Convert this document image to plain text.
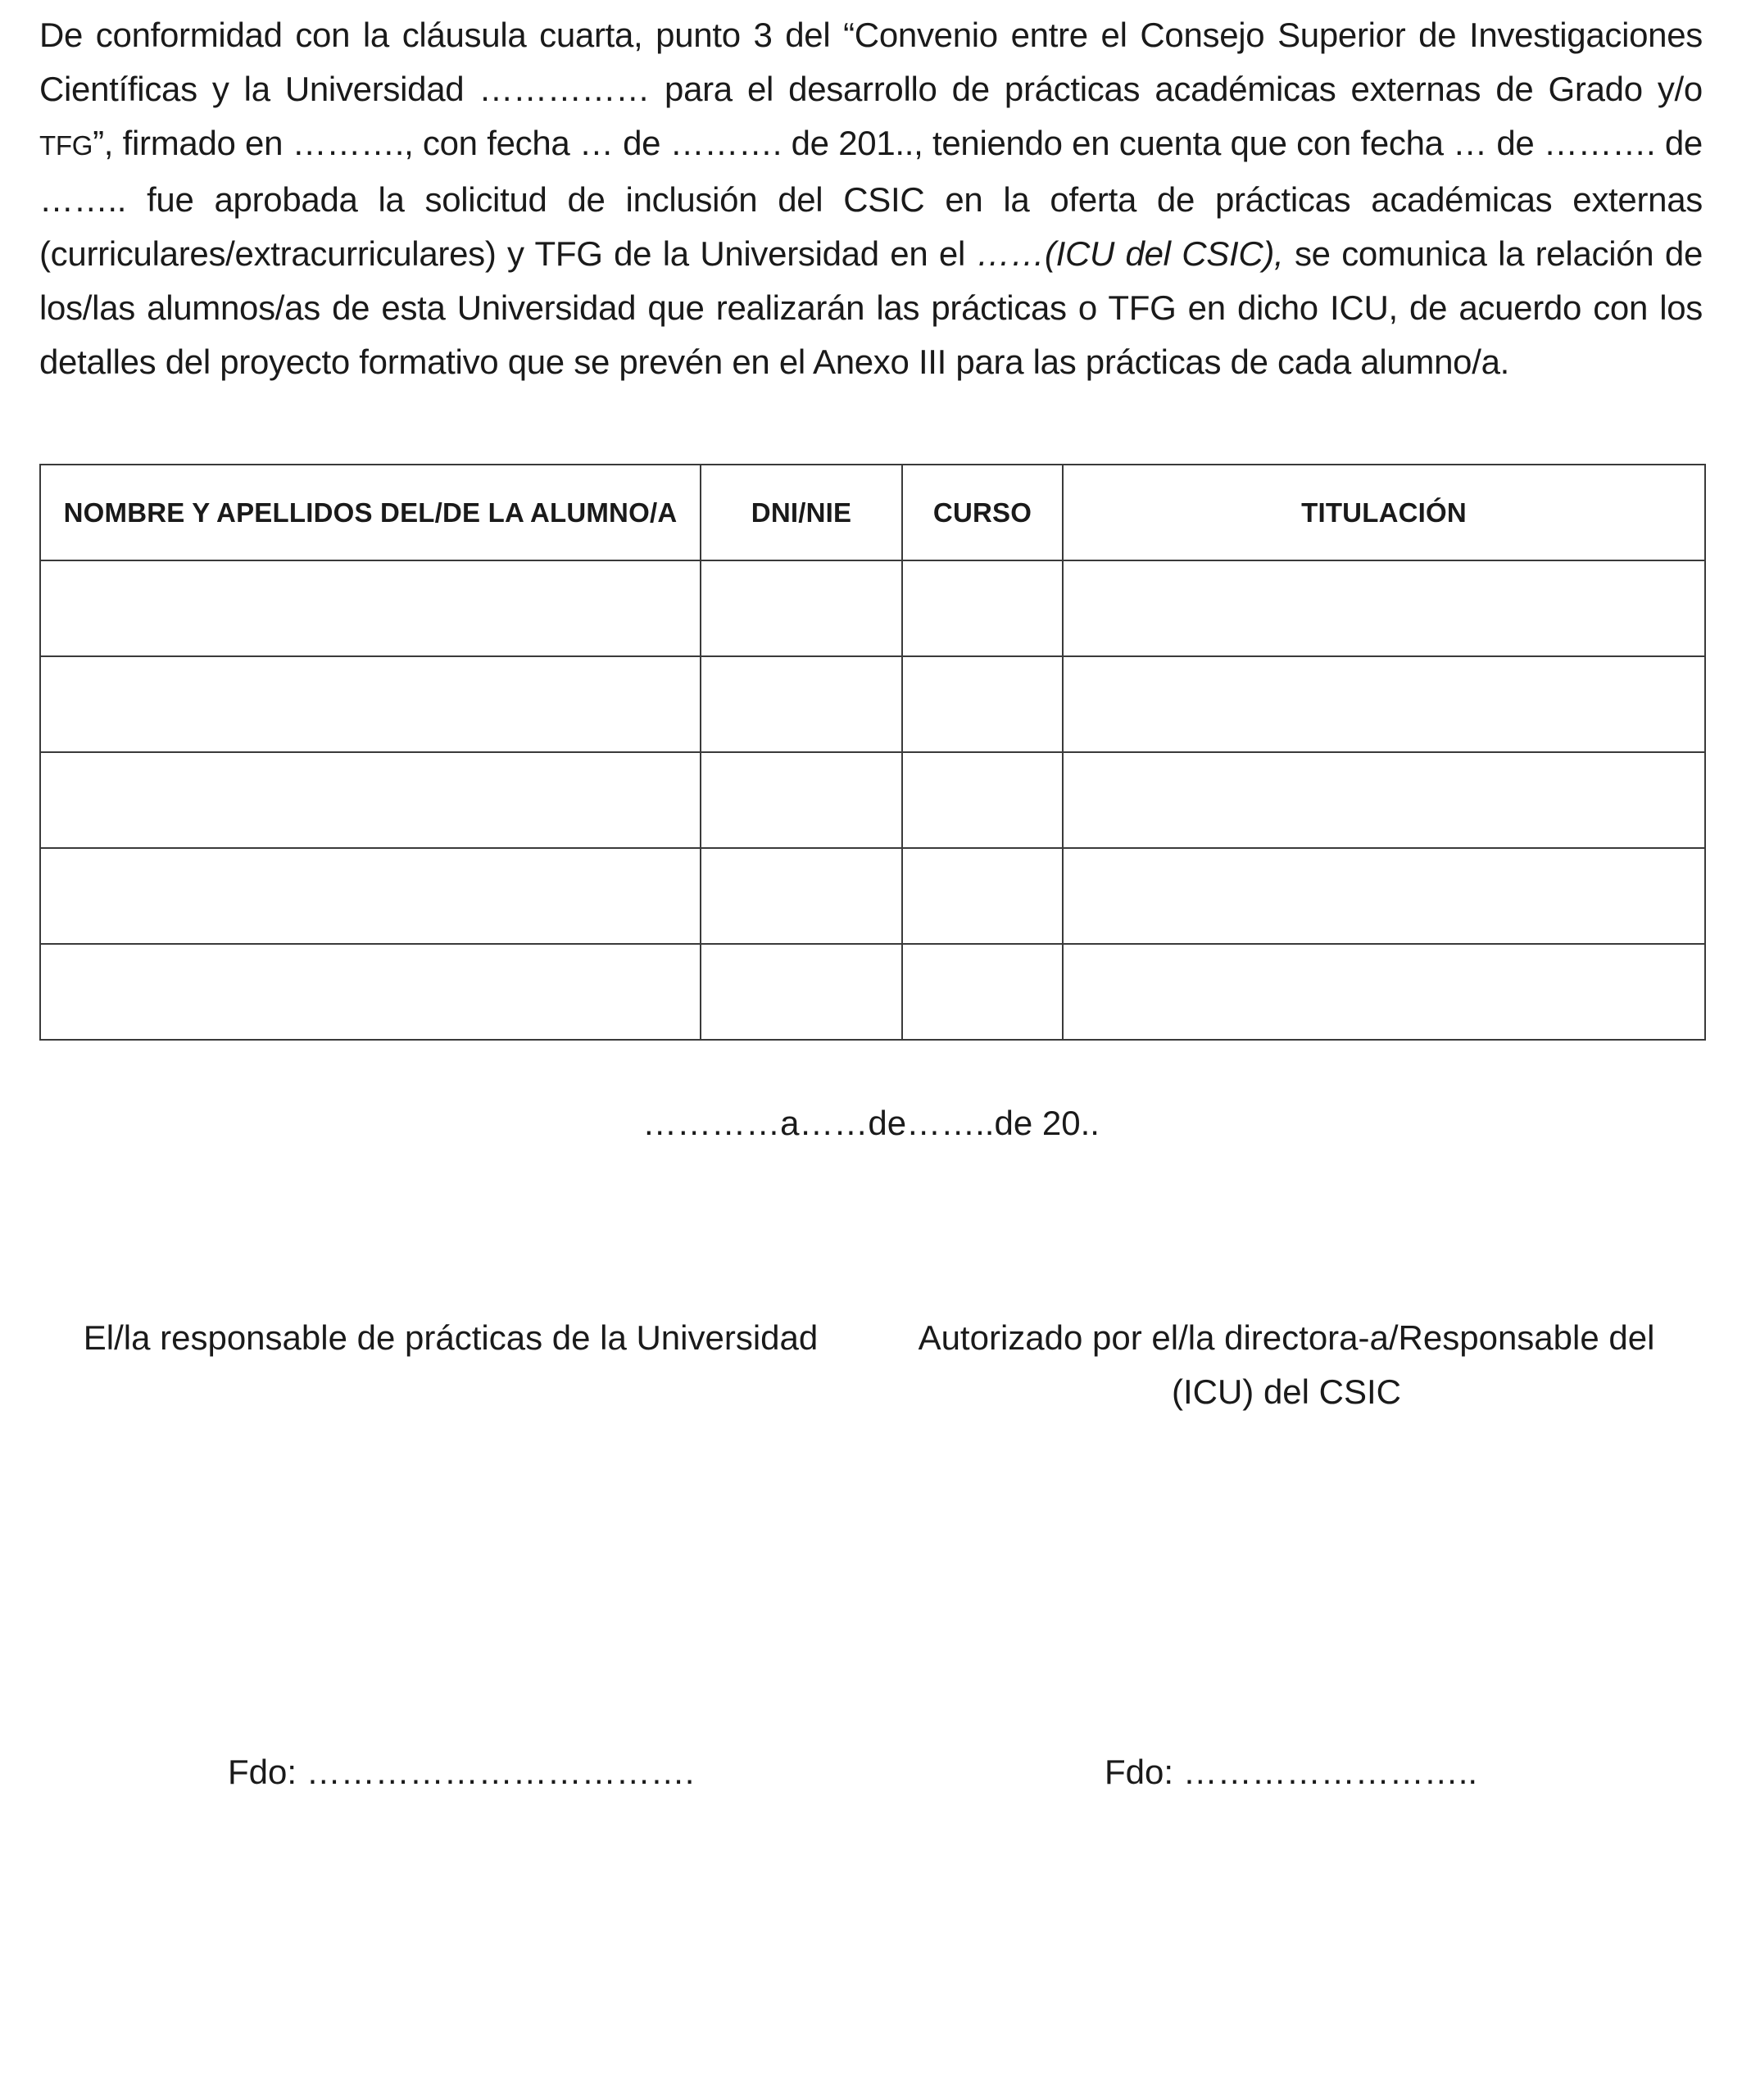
De conformidad con la cláusula cuarta, punto 3 del “Convenio entre el Consejo Superior de Investigaciones Científicas y la Universidad …………… para el desarrollo de prácticas académicas externas de Grado y/o TFG”, firmado en ………., con fecha … de ………. de 201.., teniendo en cuenta que con fecha … de ………. de …….. fue aprobada la solicitud de inclusión del CSIC en la oferta de prácticas académicas externas (curriculares/extracurriculares) y TFG de la Universidad en el ……(ICU del CSIC), se comunica la relación de los/las alumnos/as de esta Universidad que realizarán las prácticas o TFG en dicho ICU, de acuerdo con los detalles del proyecto formativo que se prevén en el Anexo III para las prácticas de cada alumno/a.

NOMBRE Y APELLIDOS DEL/DE LA ALUMNO/A	DNI/NIE	CURSO	TITULACIÓN

…………a……de……..de 20..

El/la responsable de prácticas de la Universidad	Autorizado por el/la directora-a/Responsable del (ICU) del CSIC

Fdo: …………………………….	Fdo: ……………………..
